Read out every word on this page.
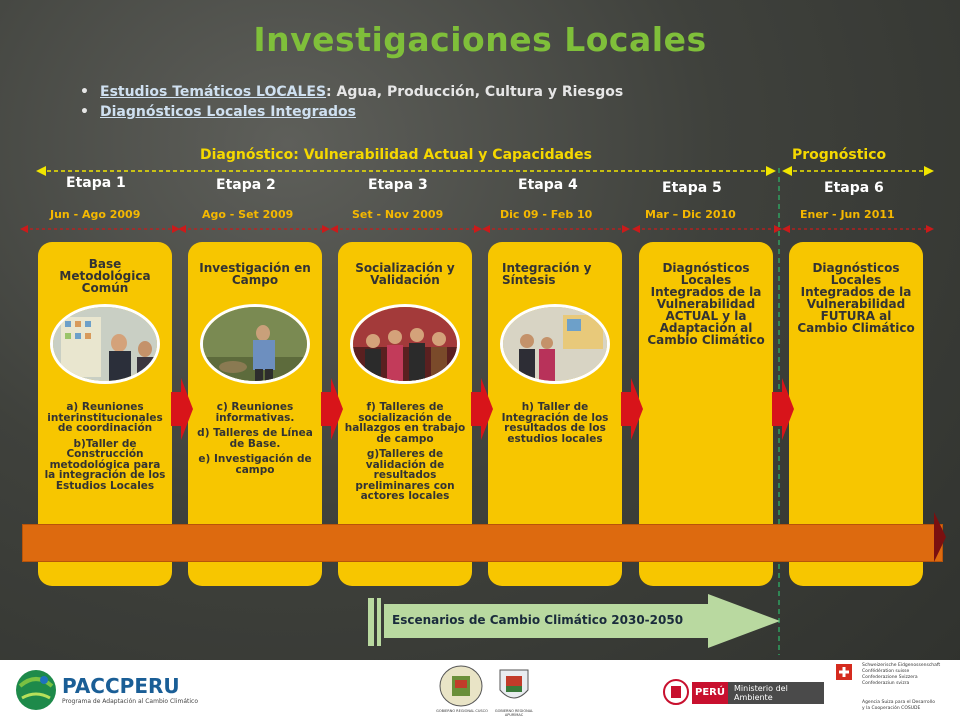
Investigaciones Locales
• Estudios Temáticos LOCALES: Agua, Producción, Cultura y Riesgos
• Diagnósticos Locales Integrados
Diagnóstico: Vulnerabilidad Actual y Capacidades	Prognóstico
Etapa 1	Etapa 2	Etapa 3	Etapa 4	Etapa 5	Etapa 6
Jun - Ago 2009	Ago - Set 2009	Set - Nov 2009	Dic 09 - Feb 10	Mar – Dic 2010	Ener - Jun 2011
Base Metodológica Común

a) Reuniones interinstitucionales de coordinación

b)Taller de Construcción metodológica para la integración de los Estudios Locales

Investigación en Campo

c) Reuniones informativas.

d) Talleres de Línea de Base.

e) Investigación de campo

Socialización y Validación

f) Talleres de socialización de hallazgos en trabajo de campo

g)Talleres de validación de resultados preliminares con actores locales

Integración y Síntesis

h) Taller de Integración de los resultados de los estudios locales

Diagnósticos Locales Integrados de la Vulnerabilidad ACTUAL y la Adaptación al Cambio Climático
Diagnósticos Locales Integrados de la Vulnerabilidad FUTURA al Cambio Climático
Escenarios de Cambio Climático 2030-2050
PACCPERU
Programa de Adaptación al Cambio Climático
GOBIERNO REGIONAL CUSCO	GOBIERNO REGIONAL APURÍMAC
PERÚ	Ministerio del Ambiente
Schweizerische Eidgenossenschaft
Confédération suisse
Confederazione Svizzera
Confederaziun svizra
Agencia Suiza para el Desarrollo
y la Cooperación COSUDE
